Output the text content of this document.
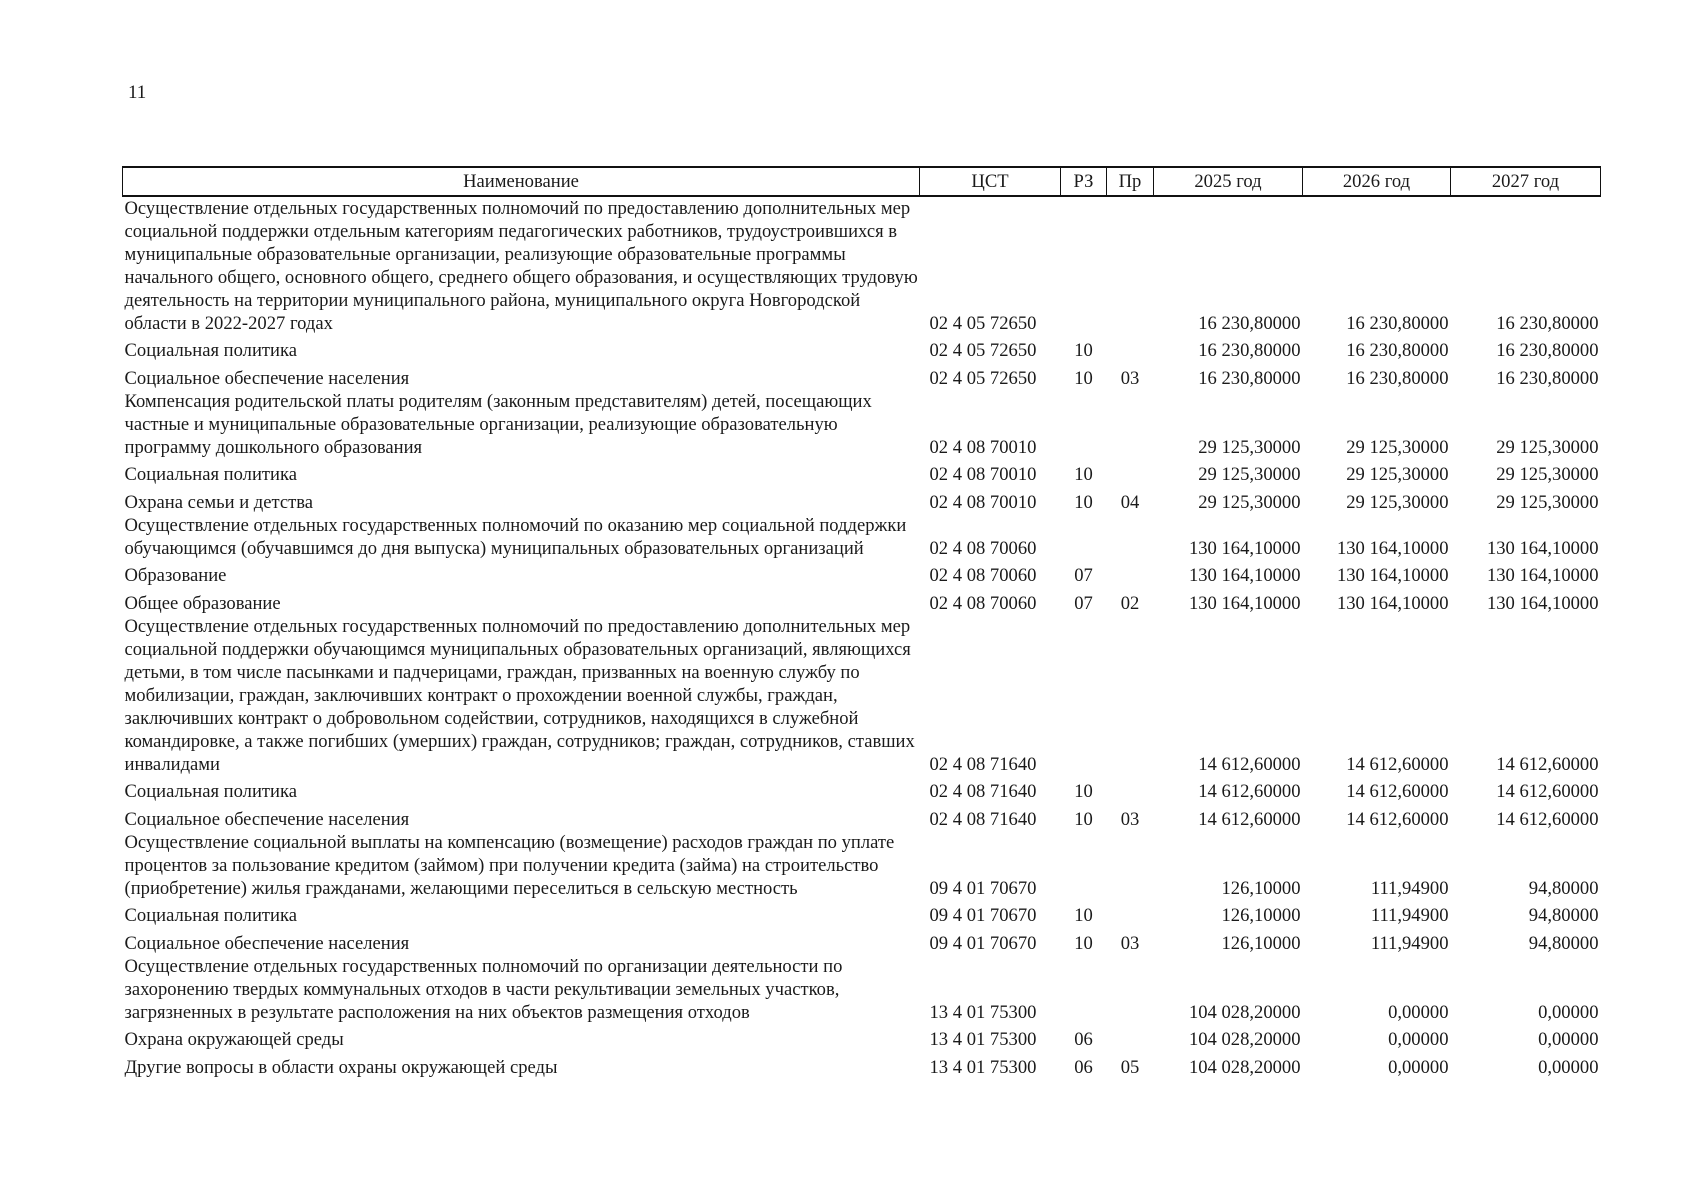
11
Наименование	ЦСТ	РЗ	Пр	2025 год	2026 год	2027 год
Осуществление отдельных государственных полномочий по предоставлению дополнительных мер социальной поддержки отдельным категориям педагогических работников, трудоустроившихся в муниципальные образовательные организации, реализующие образовательные программы начального общего, основного общего, среднего общего образования, и осуществляющих трудовую деятельность на территории муниципального района, муниципального округа Новгородской области в 2022-2027 годах	02 4 05 72650			16 230,80000	16 230,80000	16 230,80000
Социальная политика	02 4 05 72650	10		16 230,80000	16 230,80000	16 230,80000
Социальное обеспечение населения	02 4 05 72650	10	03	16 230,80000	16 230,80000	16 230,80000
Компенсация родительской платы родителям (законным представителям) детей, посещающих частные и муниципальные образовательные организации, реализующие образовательную программу дошкольного образования	02 4 08 70010			29 125,30000	29 125,30000	29 125,30000
Социальная политика	02 4 08 70010	10		29 125,30000	29 125,30000	29 125,30000
Охрана семьи и детства	02 4 08 70010	10	04	29 125,30000	29 125,30000	29 125,30000
Осуществление отдельных государственных полномочий по оказанию мер социальной поддержки обучающимся (обучавшимся до дня выпуска) муниципальных образовательных организаций	02 4 08 70060			130 164,10000	130 164,10000	130 164,10000
Образование	02 4 08 70060	07		130 164,10000	130 164,10000	130 164,10000
Общее образование	02 4 08 70060	07	02	130 164,10000	130 164,10000	130 164,10000
Осуществление отдельных государственных полномочий по предоставлению дополнительных мер социальной поддержки обучающимся муниципальных образовательных организаций, являющихся детьми, в том числе пасынками и падчерицами, граждан, призванных на военную службу по мобилизации, граждан, заключивших контракт о прохождении военной службы, граждан, заключивших контракт о добровольном содействии, сотрудников, находящихся в служебной командировке, а также погибших (умерших) граждан, сотрудников; граждан, сотрудников, ставших инвалидами	02 4 08 71640			14 612,60000	14 612,60000	14 612,60000
Социальная политика	02 4 08 71640	10		14 612,60000	14 612,60000	14 612,60000
Социальное обеспечение населения	02 4 08 71640	10	03	14 612,60000	14 612,60000	14 612,60000
Осуществление социальной выплаты на компенсацию (возмещение) расходов граждан по уплате процентов за пользование кредитом (займом) при получении кредита (займа) на строительство (приобретение) жилья гражданами, желающими переселиться в сельскую местность	09 4 01 70670			126,10000	111,94900	94,80000
Социальная политика	09 4 01 70670	10		126,10000	111,94900	94,80000
Социальное обеспечение населения	09 4 01 70670	10	03	126,10000	111,94900	94,80000
Осуществление отдельных государственных полномочий по организации деятельности по захоронению твердых коммунальных отходов в части рекультивации земельных участков, загрязненных в результате расположения на них объектов размещения отходов	13 4 01 75300			104 028,20000	0,00000	0,00000
Охрана окружающей среды	13 4 01 75300	06		104 028,20000	0,00000	0,00000
Другие вопросы в области охраны окружающей среды	13 4 01 75300	06	05	104 028,20000	0,00000	0,00000
